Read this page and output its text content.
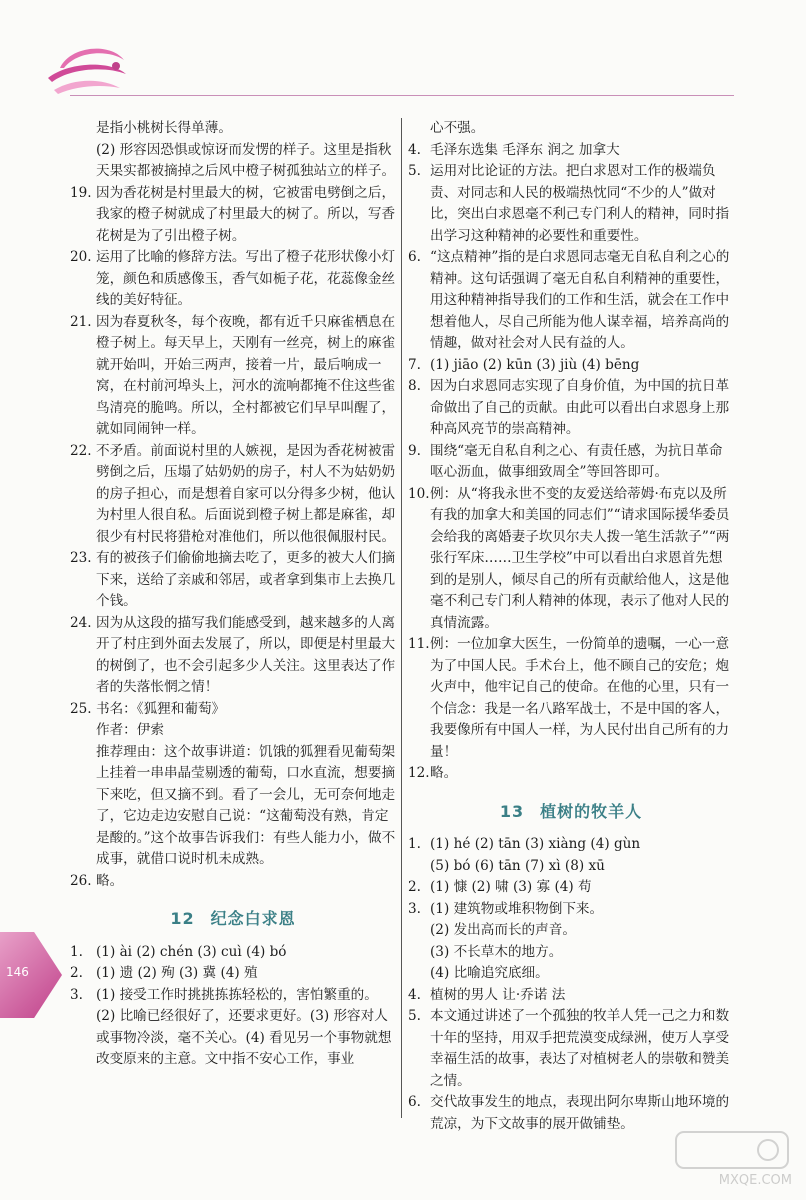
是指小桃树长得单薄。

(2) 形容因恐惧或惊讶而发愣的样子。这里是指秋天果实都被摘掉之后风中橙子树孤独站立的样子。

19. 因为香花树是村里最大的树，它被雷电劈倒之后，我家的橙子树就成了村里最大的树了。所以，写香花树是为了引出橙子树。
20. 运用了比喻的修辞方法。写出了橙子花形状像小灯笼，颜色和质感像玉，香气如栀子花，花蕊像金丝线的美好特征。
21. 因为春夏秋冬，每个夜晚，都有近千只麻雀栖息在橙子树上。每天早上，天刚有一丝亮，树上的麻雀就开始叫，开始三两声，接着一片，最后响成一窝，在村前河埠头上，河水的流响都掩不住这些雀鸟清亮的脆鸣。所以，全村都被它们早早叫醒了，就如同闹钟一样。
22. 不矛盾。前面说村里的人嫉视，是因为香花树被雷劈倒之后，压塌了姑奶奶的房子，村人不为姑奶奶的房子担心，而是想着自家可以分得多少树，他认为村里人很自私。后面说到橙子树上都是麻雀，却很少有村民将猎枪对准他们，所以他很佩服村民。
23. 有的被孩子们偷偷地摘去吃了，更多的被大人们摘下来，送给了亲戚和邻居，或者拿到集市上去换几个钱。
24. 因为从这段的描写我们能感受到，越来越多的人离开了村庄到外面去发展了，所以，即便是村里最大的树倒了，也不会引起多少人关注。这里表达了作者的失落怅惘之情！
25. 书名：《狐狸和葡萄》

作者：伊索

推荐理由：这个故事讲道：饥饿的狐狸看见葡萄架上挂着一串串晶莹剔透的葡萄，口水直流，想要摘下来吃，但又摘不到。看了一会儿，无可奈何地走了，它边走边安慰自己说：“这葡萄没有熟，肯定是酸的。”这个故事告诉我们：有些人能力小，做不成事，就借口说时机未成熟。

26. 略。
12 纪念白求恩
1. (1) ài (2) chén (3) cuì (4) bó
2. (1) 遗 (2) 殉 (3) 冀 (4) 殖
3. (1) 接受工作时挑挑拣拣轻松的，害怕繁重的。

(2) 比喻已经很好了，还要求更好。(3) 形容对人或事物冷淡，毫不关心。(4) 看见另一个事物就想改变原来的主意。文中指不安心工作，事业

心不强。

4. 毛泽东选集 毛泽东 润之 加拿大
5. 运用对比论证的方法。把白求恩对工作的极端负责、对同志和人民的极端热忱同“不少的人”做对比，突出白求恩毫不利己专门利人的精神，同时指出学习这种精神的必要性和重要性。
6. “这点精神”指的是白求恩同志毫无自私自利之心的精神。这句话强调了毫无自私自利精神的重要性，用这种精神指导我们的工作和生活，就会在工作中想着他人，尽自己所能为他人谋幸福，培养高尚的情趣，做对社会对人民有益的人。
7. (1) jiāo (2) kūn (3) jiù (4) bēng
8. 因为白求恩同志实现了自身价值，为中国的抗日革命做出了自己的贡献。由此可以看出白求恩身上那种高风亮节的崇高精神。
9. 围绕“毫无自私自利之心、有责任感，为抗日革命呕心沥血，做事细致周全”等回答即可。
10. 例：从“将我永世不变的友爱送给蒂姆·布克以及所有我的加拿大和美国的同志们”“请求国际援华委员会给我的离婚妻子坎贝尔夫人拨一笔生活款子”“两张行军床……卫生学校”中可以看出白求恩首先想到的是别人，倾尽自己的所有贡献给他人，这是他毫不利己专门利人精神的体现，表示了他对人民的真情流露。
11. 例：一位加拿大医生，一份简单的遗嘱，一心一意为了中国人民。手术台上，他不顾自己的安危；炮火声中，他牢记自己的使命。在他的心里，只有一个信念：我是一名八路军战士，不是中国的客人，我要像所有中国人一样，为人民付出自己所有的力量！
12. 略。
13 植树的牧羊人
1. (1) hé (2) tān (3) xiàng (4) gùn
(5) bó (6) tān (7) xì (8) xū
2. (1) 慷 (2) 啸 (3) 寡 (4) 苟
3. (1) 建筑物或堆积物倒下来。
(2) 发出高而长的声音。
(3) 不长草木的地方。
(4) 比喻追究底细。
4. 植树的男人 让·乔诺 法
5. 本文通过讲述了一个孤独的牧羊人凭一己之力和数十年的坚持，用双手把荒漠变成绿洲，使万人享受幸福生活的故事，表达了对植树老人的崇敬和赞美之情。
6. 交代故事发生的地点，表现出阿尔卑斯山地环境的荒凉，为下文故事的展开做铺垫。
146
MXQE.COM
